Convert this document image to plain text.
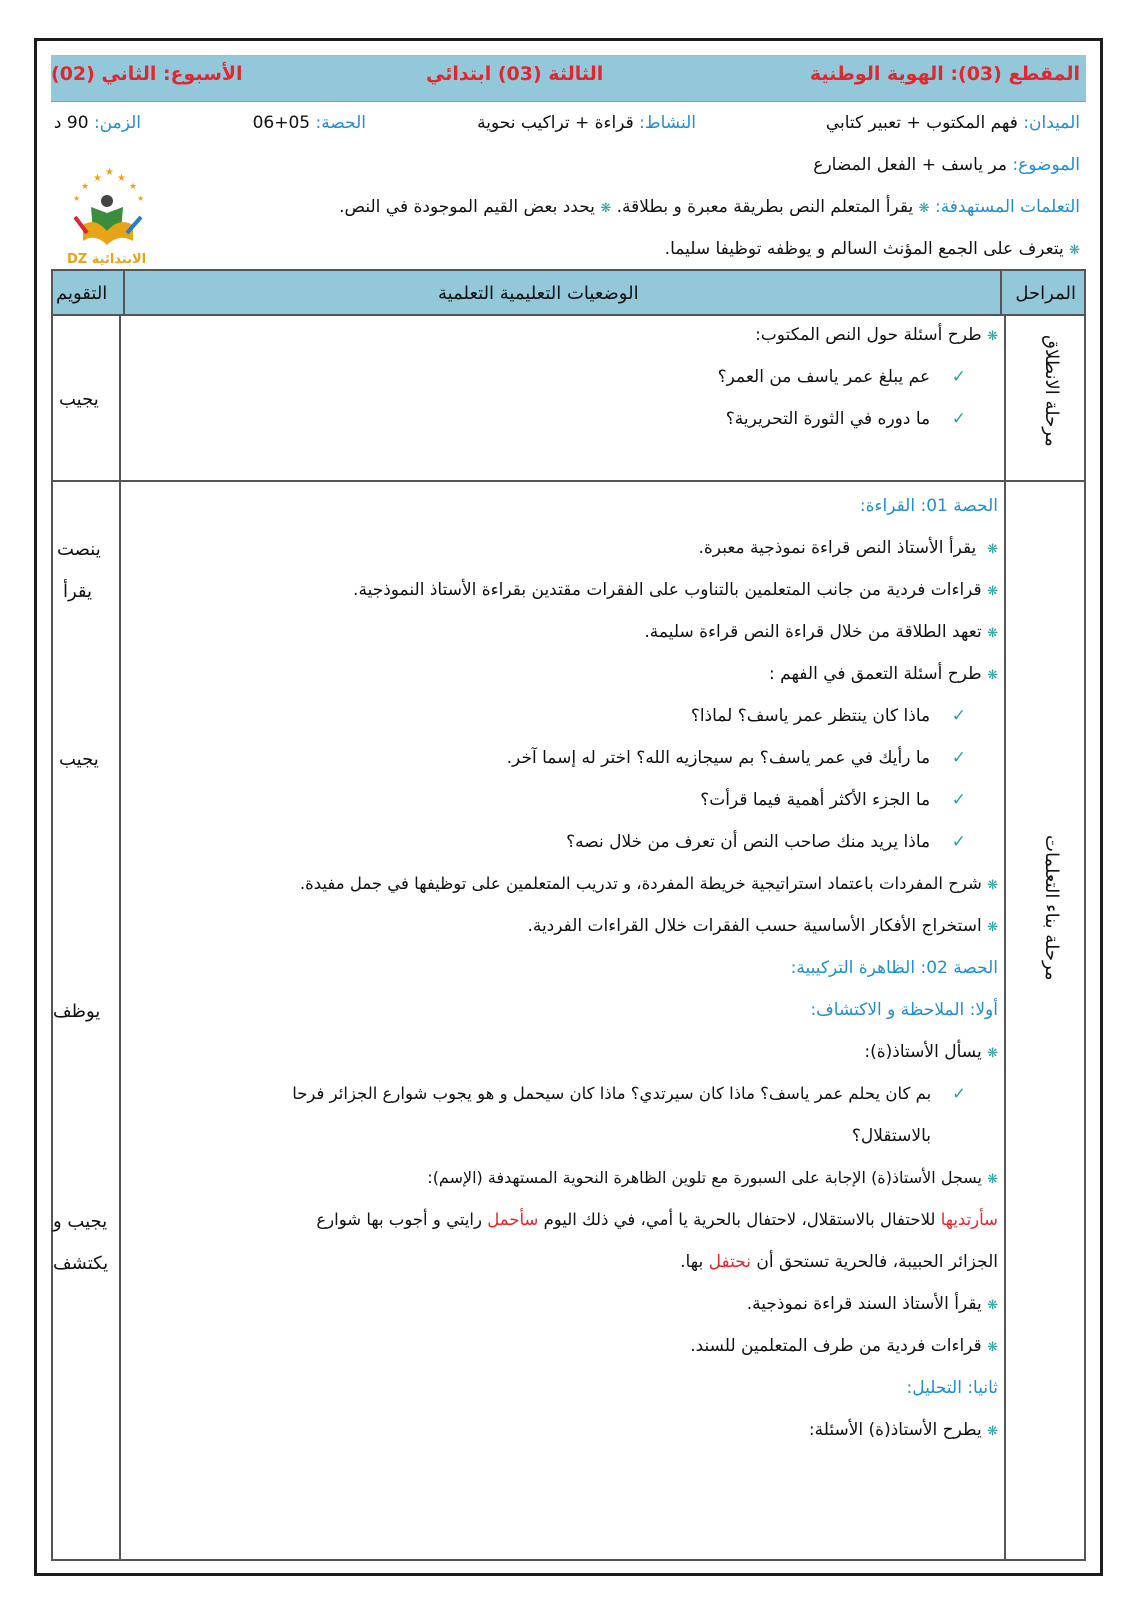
المقطع (03): الهوية الوطنية
الثالثة (03) ابتدائي
الأسبوع: الثاني (02)
الميدان: فهم المكتوب + تعبير كتابي
النشاط: قراءة + تراكيب نحوية
الحصة: 05+06
الزمن: 90 د
الموضوع: مر ياسف + الفعل المضارع
التعلمات المستهدفة: ❋ يقرأ المتعلم النص بطريقة معبرة و بطلاقة. ❋ يحدد بعض القيم الموجودة في النص.
❋ يتعرف على الجمع المؤنث السالم و يوظفه توظيفا سليما.
★
★
★
★	★
★	★
DZ الابتدائية
المراحل
الوضعيات التعليمية التعلمية
التقويم
مرحلة الانطلاق
❋ طرح أسئلة حول النص المكتوب:
✓    عم يبلغ عمر ياسف من العمر؟
✓    ما دوره في الثورة التحريرية؟
يجيب
مرحلة بناء التعلمات
الحصة 01: القراءة:
❋  يقرأ الأستاذ النص قراءة نموذجية معبرة.
❋ قراءات فردية من جانب المتعلمين بالتناوب على الفقرات مقتدين بقراءة الأستاذ النموذجية.
❋ تعهد الطلاقة من خلال قراءة النص قراءة سليمة.
❋ طرح أسئلة التعمق في الفهم :
✓    ماذا كان ينتظر عمر ياسف؟ لماذا؟
✓    ما رأيك في عمر ياسف؟ بم سيجازيه الله؟ اختر له إسما آخر.
✓    ما الجزء الأكثر أهمية فيما قرأت؟
✓    ماذا يريد منك صاحب النص أن تعرف من خلال نصه؟
❋ شرح المفردات باعتماد استراتيجية خريطة المفردة، و تدريب المتعلمين على توظيفها في جمل مفيدة.
❋ استخراج الأفكار الأساسية حسب الفقرات خلال القراءات الفردية.
الحصة 02: الظاهرة التركيبية:
أولا: الملاحظة و الاكتشاف:
❋ يسأل الأستاذ(ة):
✓    بم كان يحلم عمر ياسف؟ ماذا كان سيرتدي؟ ماذا كان سيحمل و هو يجوب شوارع الجزائر فرحا
بالاستقلال؟
❋ يسجل الأستاذ(ة) الإجابة على السبورة مع تلوين الظاهرة النحوية المستهدفة (الإسم):
سأرتديها للاحتفال بالاستقلال، لاحتفال بالحرية يا أمي، في ذلك اليوم سأحمل رايتي و أجوب بها شوارع
الجزائر الحبيبة، فالحرية تستحق أن نحتفل بها.
❋ يقرأ الأستاذ السند قراءة نموذجية.
❋ قراءات فردية من طرف المتعلمين للسند.
ثانيا: التحليل:
❋ يطرح الأستاذ(ة) الأسئلة:
ينصت
يقرأ
يجيب
يوظف
يجيب و
يكتشف
